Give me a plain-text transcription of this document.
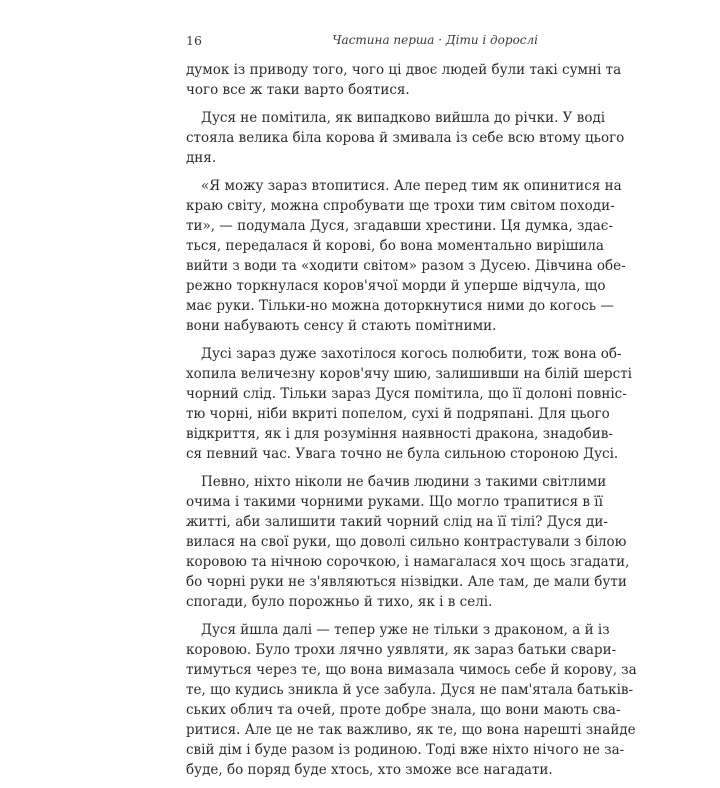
16	Частина перша · Діти і дорослі
думок із приводу того, чого ці двоє людей були такі сумні та
чого все ж таки варто боятися.
Дуся не помітила, як випадково вийшла до річки. У воді
стояла велика біла корова й змивала із себе всю втому цього
дня.
«Я можу зараз втопитися. Але перед тим як опинитися на
краю світу, можна спробувати ще трохи тим світом походи-
ти», — подумала Дуся, згадавши хрестини. Ця думка, здає-
ться, передалася й корові, бо вона моментально вирішила
вийти з води та «ходити світом» разом з Дусею. Дівчина обе-
режно торкнулася коров'ячої морди й уперше відчула, що
має руки. Тільки-но можна доторкнутися ними до когось —
вони набувають сенсу й стають помітними.
Дусі зараз дуже захотілося когось полюбити, тож вона об-
хопила величезну коров'ячу шию, залишивши на білій шерсті
чорний слід. Тільки зараз Дуся помітила, що її долоні повніс-
тю чорні, ніби вкриті попелом, сухі й подряпані. Для цього
відкриття, як і для розуміння наявності дракона, знадобив-
ся певний час. Увага точно не була сильною стороною Дусі.
Певно, ніхто ніколи не бачив людини з такими світлими
очима і такими чорними руками. Що могло трапитися в її
житті, аби залишити такий чорний слід на її тілі? Дуся ди-
вилася на свої руки, що доволі сильно контрастували з білою
коровою та нічною сорочкою, і намагалася хоч щось згадати,
бо чорні руки не з'являються нізвідки. Але там, де мали бути
спогади, було порожньо й тихо, як і в селі.
Дуся йшла далі — тепер уже не тільки з драконом, а й із
коровою. Було трохи лячно уявляти, як зараз батьки свари-
тимуться через те, що вона вимазала чимось себе й корову, за
те, що кудись зникла й усе забула. Дуся не пам'ятала батьків-
ських облич та очей, проте добре знала, що вони мають свa-
ритися. Але це не так важливо, як те, що вона нарешті знайде
свій дім і буде разом із родиною. Тоді вже ніхто нічого не за-
буде, бо поряд буде хтось, хто зможе все нагадати.
